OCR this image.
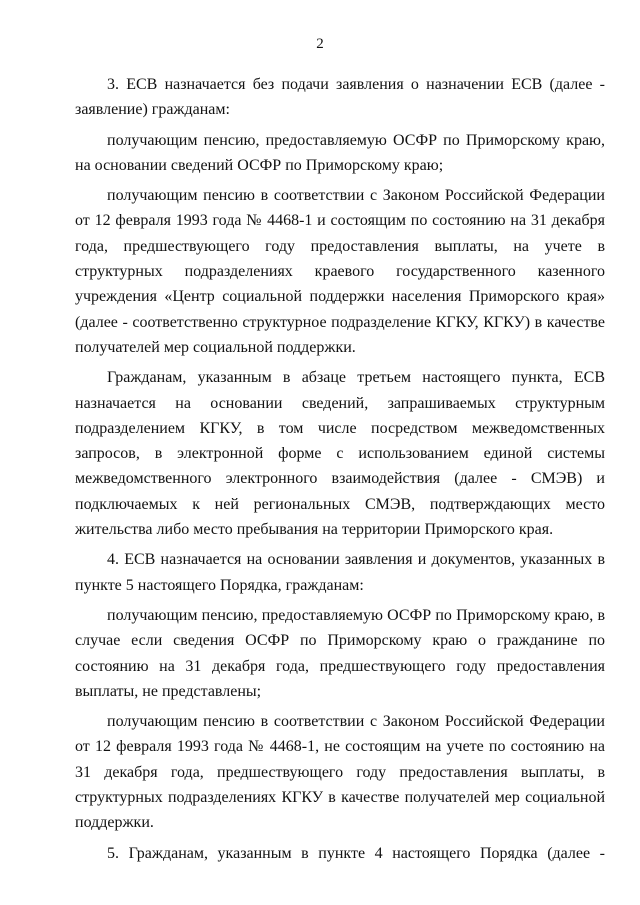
2

3. ЕСВ назначается без подачи заявления о назначении ЕСВ (далее - заявление) гражданам:

получающим пенсию, предоставляемую ОСФР по Приморскому краю, на основании сведений ОСФР по Приморскому краю;

получающим пенсию в соответствии с Законом Российской Федерации от 12 февраля 1993 года № 4468-1 и состоящим по состоянию на 31 декабря года, предшествующего году предоставления выплаты, на учете в структурных подразделениях краевого государственного казенного учреждения «Центр социальной поддержки населения Приморского края» (далее - соответственно структурное подразделение КГКУ, КГКУ) в качестве получателей мер социальной поддержки.

Гражданам, указанным в абзаце третьем настоящего пункта, ЕСВ назначается на основании сведений, запрашиваемых структурным подразделением КГКУ, в том числе посредством межведомственных запросов, в электронной форме с использованием единой системы межведомственного электронного взаимодействия (далее - СМЭВ) и подключаемых к ней региональных СМЭВ, подтверждающих место жительства либо место пребывания на территории Приморского края.

4. ЕСВ назначается на основании заявления и документов, указанных в пункте 5 настоящего Порядка, гражданам:

получающим пенсию, предоставляемую ОСФР по Приморскому краю, в случае если сведения ОСФР по Приморскому краю о гражданине по состоянию на 31 декабря года, предшествующего году предоставления выплаты, не представлены;

получающим пенсию в соответствии с Законом Российской Федерации от 12 февраля 1993 года № 4468-1, не состоящим на учете по состоянию на 31 декабря года, предшествующего году предоставления выплаты, в структурных подразделениях КГКУ в качестве получателей мер социальной поддержки.

5. Гражданам, указанным в пункте 4 настоящего Порядка (далее -
